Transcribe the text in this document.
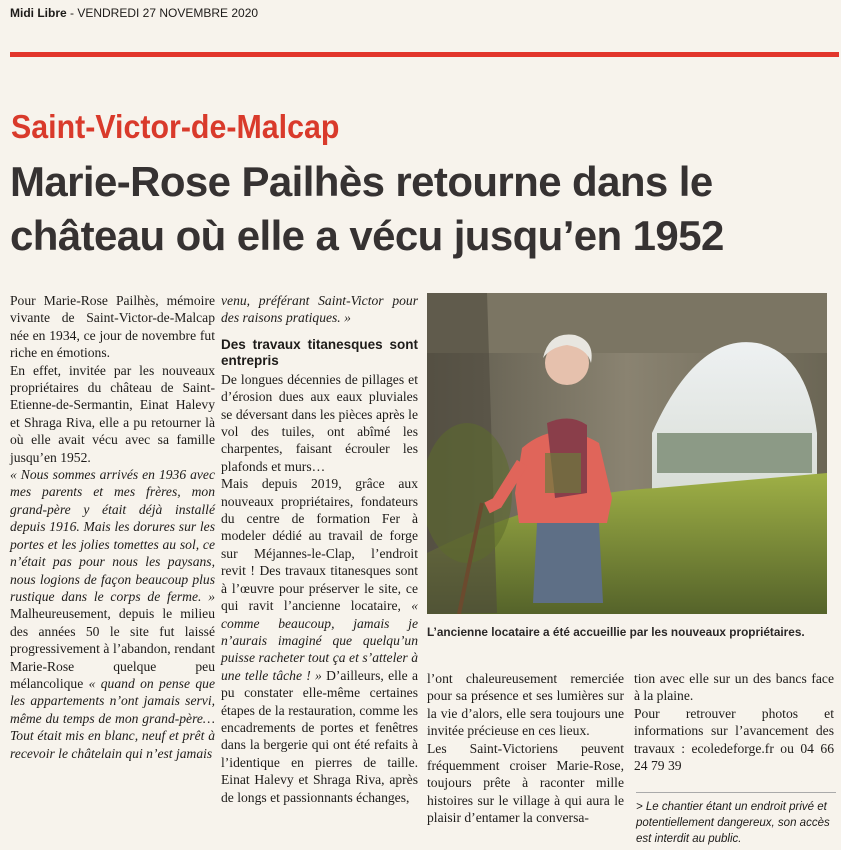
Midi Libre - VENDREDI 27 NOVEMBRE 2020
Saint-Victor-de-Malcap
Marie-Rose Pailhès retourne dans le château où elle a vécu jusqu’en 1952

Pour Marie-Rose Pailhès, mémoire vivante de Saint-Victor-de-Malcap née en 1934, ce jour de novembre fut riche en émotions.

En effet, invitée par les nouveaux propriétaires du château de Saint-Etienne-de-Sermantin, Einat Halevy et Shraga Riva, elle a pu retourner là où elle avait vécu avec sa famille jusqu’en 1952.

« Nous sommes arrivés en 1936 avec mes parents et mes frères, mon grand-père y était déjà installé depuis 1916. Mais les dorures sur les portes et les jolies tomettes au sol, ce n’était pas pour nous les paysans, nous logions de façon beaucoup plus rustique dans le corps de ferme. » Malheureusement, depuis le milieu des années 50 le site fut laissé progressivement à l’abandon, rendant Marie-Rose quelque peu mélancolique « quand on pense que les appartements n’ont jamais servi, même du temps de mon grand-père… Tout était mis en blanc, neuf et prêt à recevoir le châtelain qui n’est jamais

venu, préférant Saint-Victor pour des raisons pratiques. »

Des travaux titanesques sont entrepris

De longues décennies de pillages et d’érosion dues aux eaux pluviales se déversant dans les pièces après le vol des tuiles, ont abîmé les charpentes, faisant écrouler les plafonds et murs…

Mais depuis 2019, grâce aux nouveaux propriétaires, fondateurs du centre de formation Fer à modeler dédié au travail de forge sur Méjannes-le-Clap, l’endroit revit ! Des travaux titanesques sont à l’œuvre pour préserver le site, ce qui ravit l’ancienne locataire, « comme beaucoup, jamais je n’aurais imaginé que quelqu’un puisse racheter tout ça et s’atteler à une telle tâche ! » D’ailleurs, elle a pu constater elle-même certaines étapes de la restauration, comme les encadrements de portes et fenêtres dans la bergerie qui ont été refaits à l’identique en pierres de taille. Einat Halevy et Shraga Riva, après de longs et passionnants échanges,

L’ancienne locataire a été accueillie par les nouveaux propriétaires.

l’ont chaleureusement remerciée pour sa présence et ses lumières sur la vie d’alors, elle sera toujours une invitée précieuse en ces lieux.

Les Saint-Victoriens peuvent fréquemment croiser Marie-Rose, toujours prête à raconter mille histoires sur le village à qui aura le plaisir d’entamer la conversa-

tion avec elle sur un des bancs face à la plaine.

Pour retrouver photos et informations sur l’avancement des travaux : ecoledeforge.fr ou 04 66 24 79 39

> Le chantier étant un endroit privé et potentiellement dangereux, son accès est interdit au public.
